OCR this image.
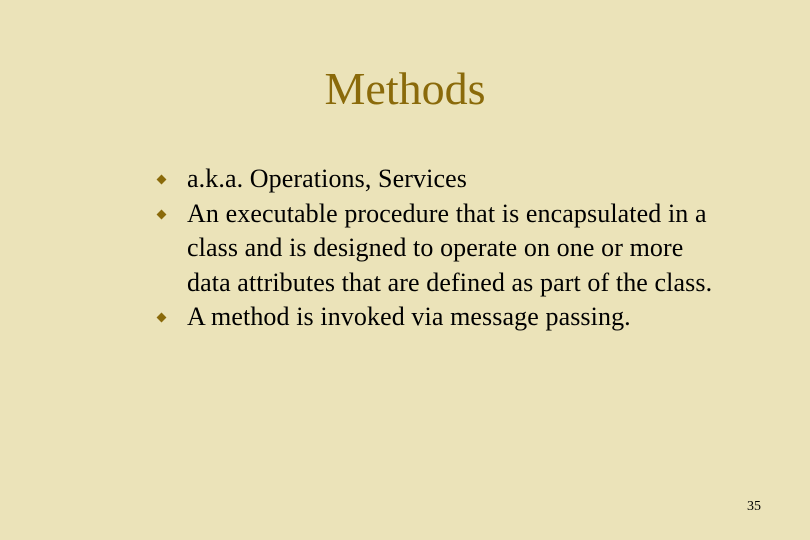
Methods
a.k.a. Operations, Services
An executable procedure that is encapsulated in a class and is designed to operate on one or more data attributes that are defined as part of the class.
A method is invoked via message passing.
35
